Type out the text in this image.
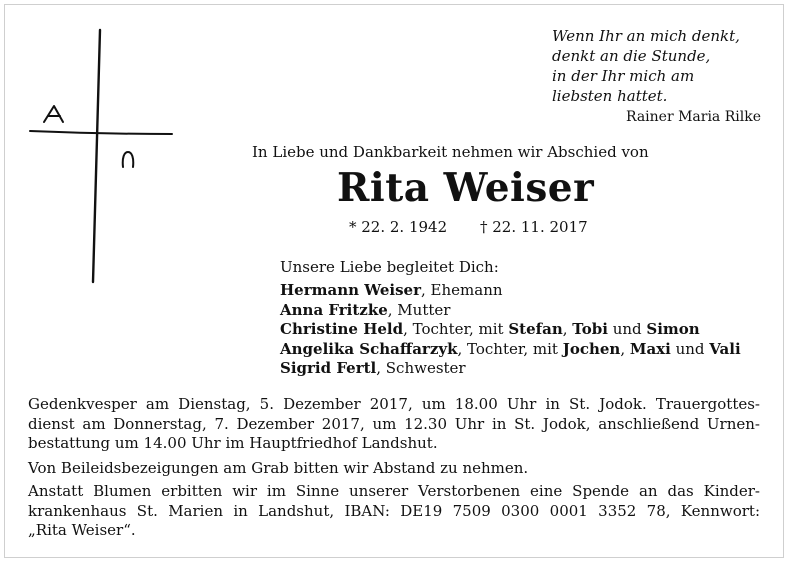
Wenn Ihr an mich denkt,
denkt an die Stunde,
in der Ihr mich am
liebsten hattet.
Rainer Maria Rilke
In Liebe und Dankbarkeit nehmen wir Abschied von
Rita Weiser
* 22. 2. 1942 † 22. 11. 2017
Unsere Liebe begleitet Dich:
Hermann Weiser, Ehemann
Anna Fritzke, Mutter
Christine Held, Tochter, mit Stefan, Tobi und Simon
Angelika Schaffarzyk, Tochter, mit Jochen, Maxi und Vali
Sigrid Fertl, Schwester
Gedenkvesper am Dienstag, 5. Dezember 2017, um 18.00 Uhr in St. Jodok. Trauergottes-
dienst am Donnerstag, 7. Dezember 2017, um 12.30 Uhr in St. Jodok, anschließend Urnen-
bestattung um 14.00 Uhr im Hauptfriedhof Landshut.
Von Beileidsbezeigungen am Grab bitten wir Abstand zu nehmen.
Anstatt Blumen erbitten wir im Sinne unserer Verstorbenen eine Spende an das Kinder-
krankenhaus St. Marien in Landshut, IBAN: DE19 7509 0300 0001 3352 78, Kennwort:
„Rita Weiser“.
